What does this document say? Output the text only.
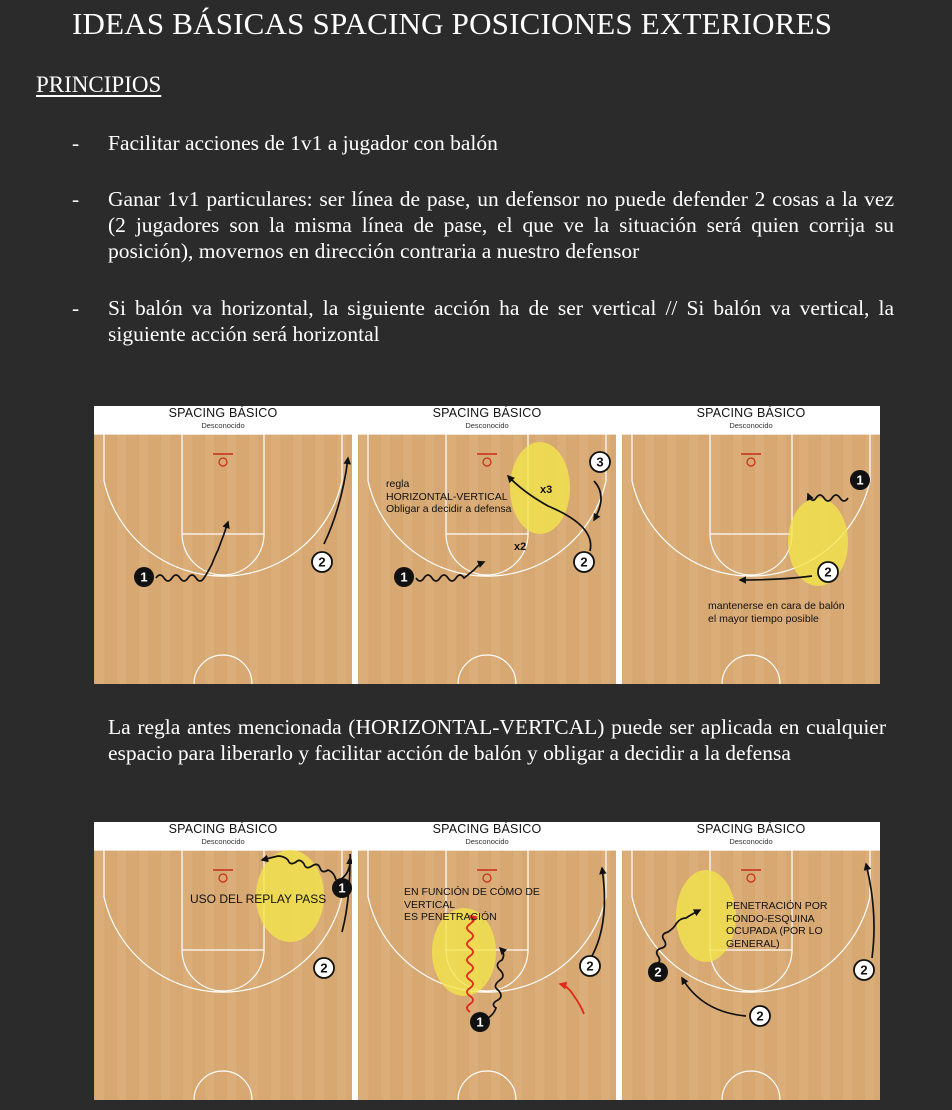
IDEAS BÁSICAS SPACING POSICIONES EXTERIORES
PRINCIPIOS
- Facilitar acciones de 1v1 a jugador con balón
- Ganar 1v1 particulares: ser línea de pase, un defensor no puede defender 2 cosas a la vez (2 jugadores son la misma línea de pase, el que ve la situación será quien corrija su posición), movernos en dirección contraria a nuestro defensor
- Si balón va horizontal, la siguiente acción ha de ser vertical // Si balón va vertical, la siguiente acción será horizontal
1
2
SPACING BÁSICO
Desconocido
x3
x2
1
2
3
SPACING BÁSICO
Desconocido
regla
HORIZONTAL-VERTICAL
Obligar a decidir a defensa
1
2
SPACING BÁSICO
Desconocido
mantenerse en cara de balón
el mayor tiempo posible
La regla antes mencionada (HORIZONTAL-VERTCAL) puede ser aplicada en cualquier espacio para liberarlo y facilitar acción de balón y obligar a decidir a la defensa
1
2
SPACING BÁSICO
Desconocido
USO DEL REPLAY PASS
1
2
SPACING BÁSICO
Desconocido
EN FUNCIÓN DE CÓMO DE
VERTICAL
ES PENETRACIÓN
2
2
2
SPACING BÁSICO
Desconocido
PENETRACIÓN POR
FONDO-ESQUINA
OCUPADA (POR LO
GENERAL)
